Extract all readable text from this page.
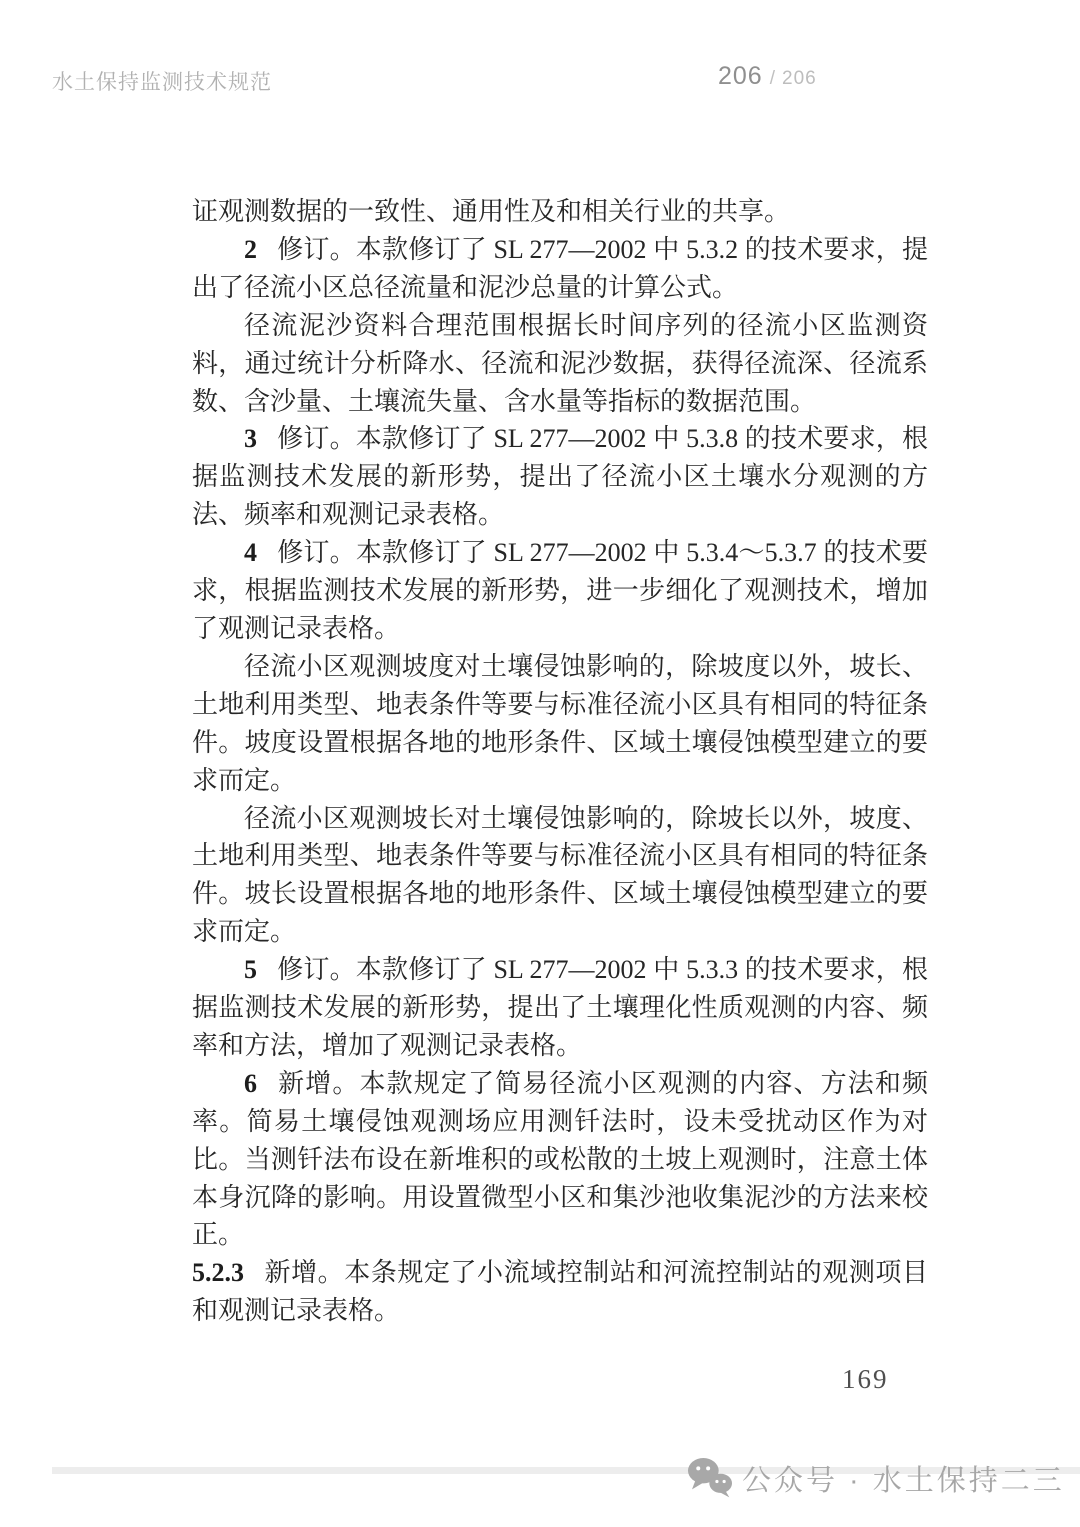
水土保持监测技术规范	206 / 206

证观测数据的一致性、通用性及和相关行业的共享。

2 修订。本款修订了 SL 277—2002 中 5.3.2 的技术要求，提出了径流小区总径流量和泥沙总量的计算公式。

径流泥沙资料合理范围根据长时间序列的径流小区监测资料，通过统计分析降水、径流和泥沙数据，获得径流深、径流系数、含沙量、土壤流失量、含水量等指标的数据范围。

3 修订。本款修订了 SL 277—2002 中 5.3.8 的技术要求，根据监测技术发展的新形势，提出了径流小区土壤水分观测的方法、频率和观测记录表格。

4 修订。本款修订了 SL 277—2002 中 5.3.4～5.3.7 的技术要求，根据监测技术发展的新形势，进一步细化了观测技术，增加了观测记录表格。

径流小区观测坡度对土壤侵蚀影响的，除坡度以外，坡长、土地利用类型、地表条件等要与标准径流小区具有相同的特征条件。坡度设置根据各地的地形条件、区域土壤侵蚀模型建立的要求而定。

径流小区观测坡长对土壤侵蚀影响的，除坡长以外，坡度、土地利用类型、地表条件等要与标准径流小区具有相同的特征条件。坡长设置根据各地的地形条件、区域土壤侵蚀模型建立的要求而定。

5 修订。本款修订了 SL 277—2002 中 5.3.3 的技术要求，根据监测技术发展的新形势，提出了土壤理化性质观测的内容、频率和方法，增加了观测记录表格。

6 新增。本款规定了简易径流小区观测的内容、方法和频率。简易土壤侵蚀观测场应用测钎法时，设未受扰动区作为对比。当测钎法布设在新堆积的或松散的土坡上观测时，注意土体本身沉降的影响。用设置微型小区和集沙池收集泥沙的方法来校正。

5.2.3 新增。本条规定了小流域控制站和河流控制站的观测项目和观测记录表格。

169
公众号 · 水土保持二三
